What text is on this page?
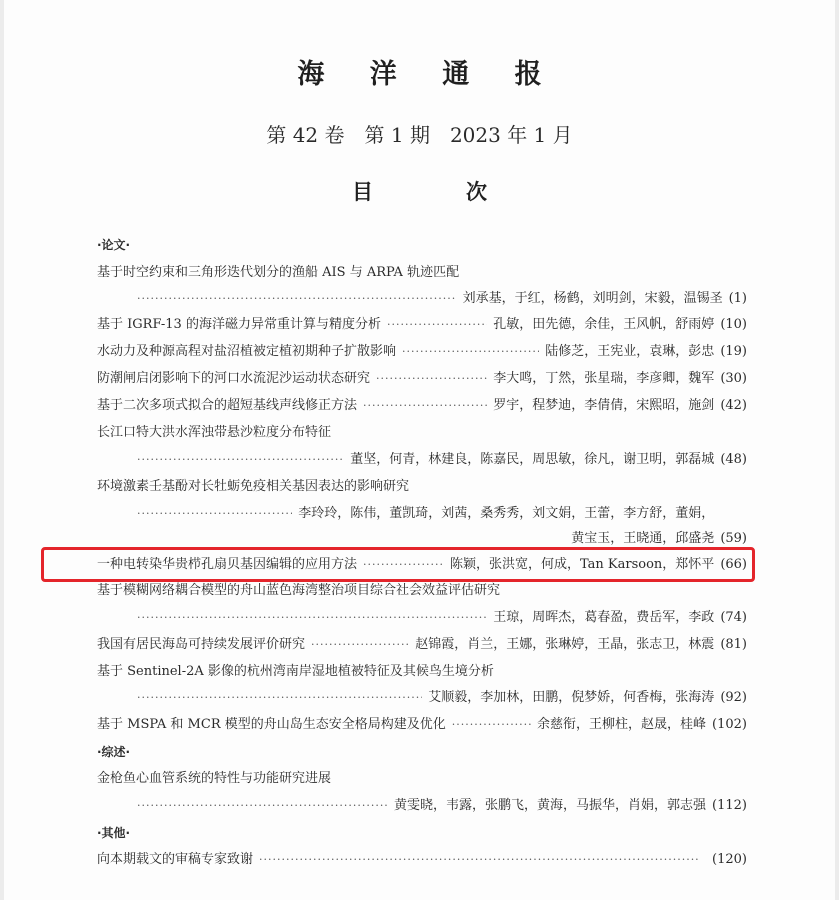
海 洋 通 报
第 42 卷　第 1 期　2023 年 1 月
目　次
·论文·
基于时空约束和三角形迭代划分的渔船 AIS 与 ARPA 轨迹匹配
·····
刘承基，于红，杨鹤，刘明剑，宋毅，温锡圣 (1)
基于 IGRF-13 的海洋磁力异常重计算与精度分析 ·····	孔敏，田先德，余佳，王风帆，舒雨婷 (10)
水动力及种源高程对盐沼植被定植初期种子扩散影响 ·····	陆修芝，王宪业，袁琳，彭忠 (19)
防潮闸启闭影响下的河口水流泥沙运动状态研究 ·····	李大鸣，丁然，张星瑞，李彦卿，魏军 (30)
基于二次多项式拟合的超短基线声线修正方法 ·····	罗宇，程梦迪，李倩倩，宋熙昭，施剑 (42)
长江口特大洪水浑浊带悬沙粒度分布特征
·····
董坚，何青，林建良，陈嘉民，周思敏，徐凡，谢卫明，郭磊城 (48)
环境激素壬基酚对长牡蛎免疫相关基因表达的影响研究
·····
李玲玲，陈伟，董凯琦，刘茜，桑秀秀，刘文娟，王蕾，李方舒，董娟，
黄宝玉，王晓通，邱盛尧 (59)
一种电转染华贵栉孔扇贝基因编辑的应用方法 ·····	陈颖，张洪宽，何成，Tan Karsoon，郑怀平 (66)
基于模糊网络耦合模型的舟山蓝色海湾整治项目综合社会效益评估研究
·····
王琼，周晖杰，葛春盈，费岳军，李政 (74)
我国有居民海岛可持续发展评价研究 ·····	赵锦霞，肖兰，王娜，张琳婷，王晶，张志卫，林震 (81)
基于 Sentinel-2A 影像的杭州湾南岸湿地植被特征及其候鸟生境分析
·····
艾顺毅，李加林，田鹏，倪梦娇，何香梅，张海涛 (92)
基于 MSPA 和 MCR 模型的舟山岛生态安全格局构建及优化 ·····	余慈衔，王柳柱，赵晟，桂峰 (102)
·综述·
金枪鱼心血管系统的特性与功能研究进展
·····
黄雯晓，韦露，张鹏飞，黄海，马振华，肖娟，郭志强 (112)
·其他·
向本期载文的审稿专家致谢 ·····	(120)
